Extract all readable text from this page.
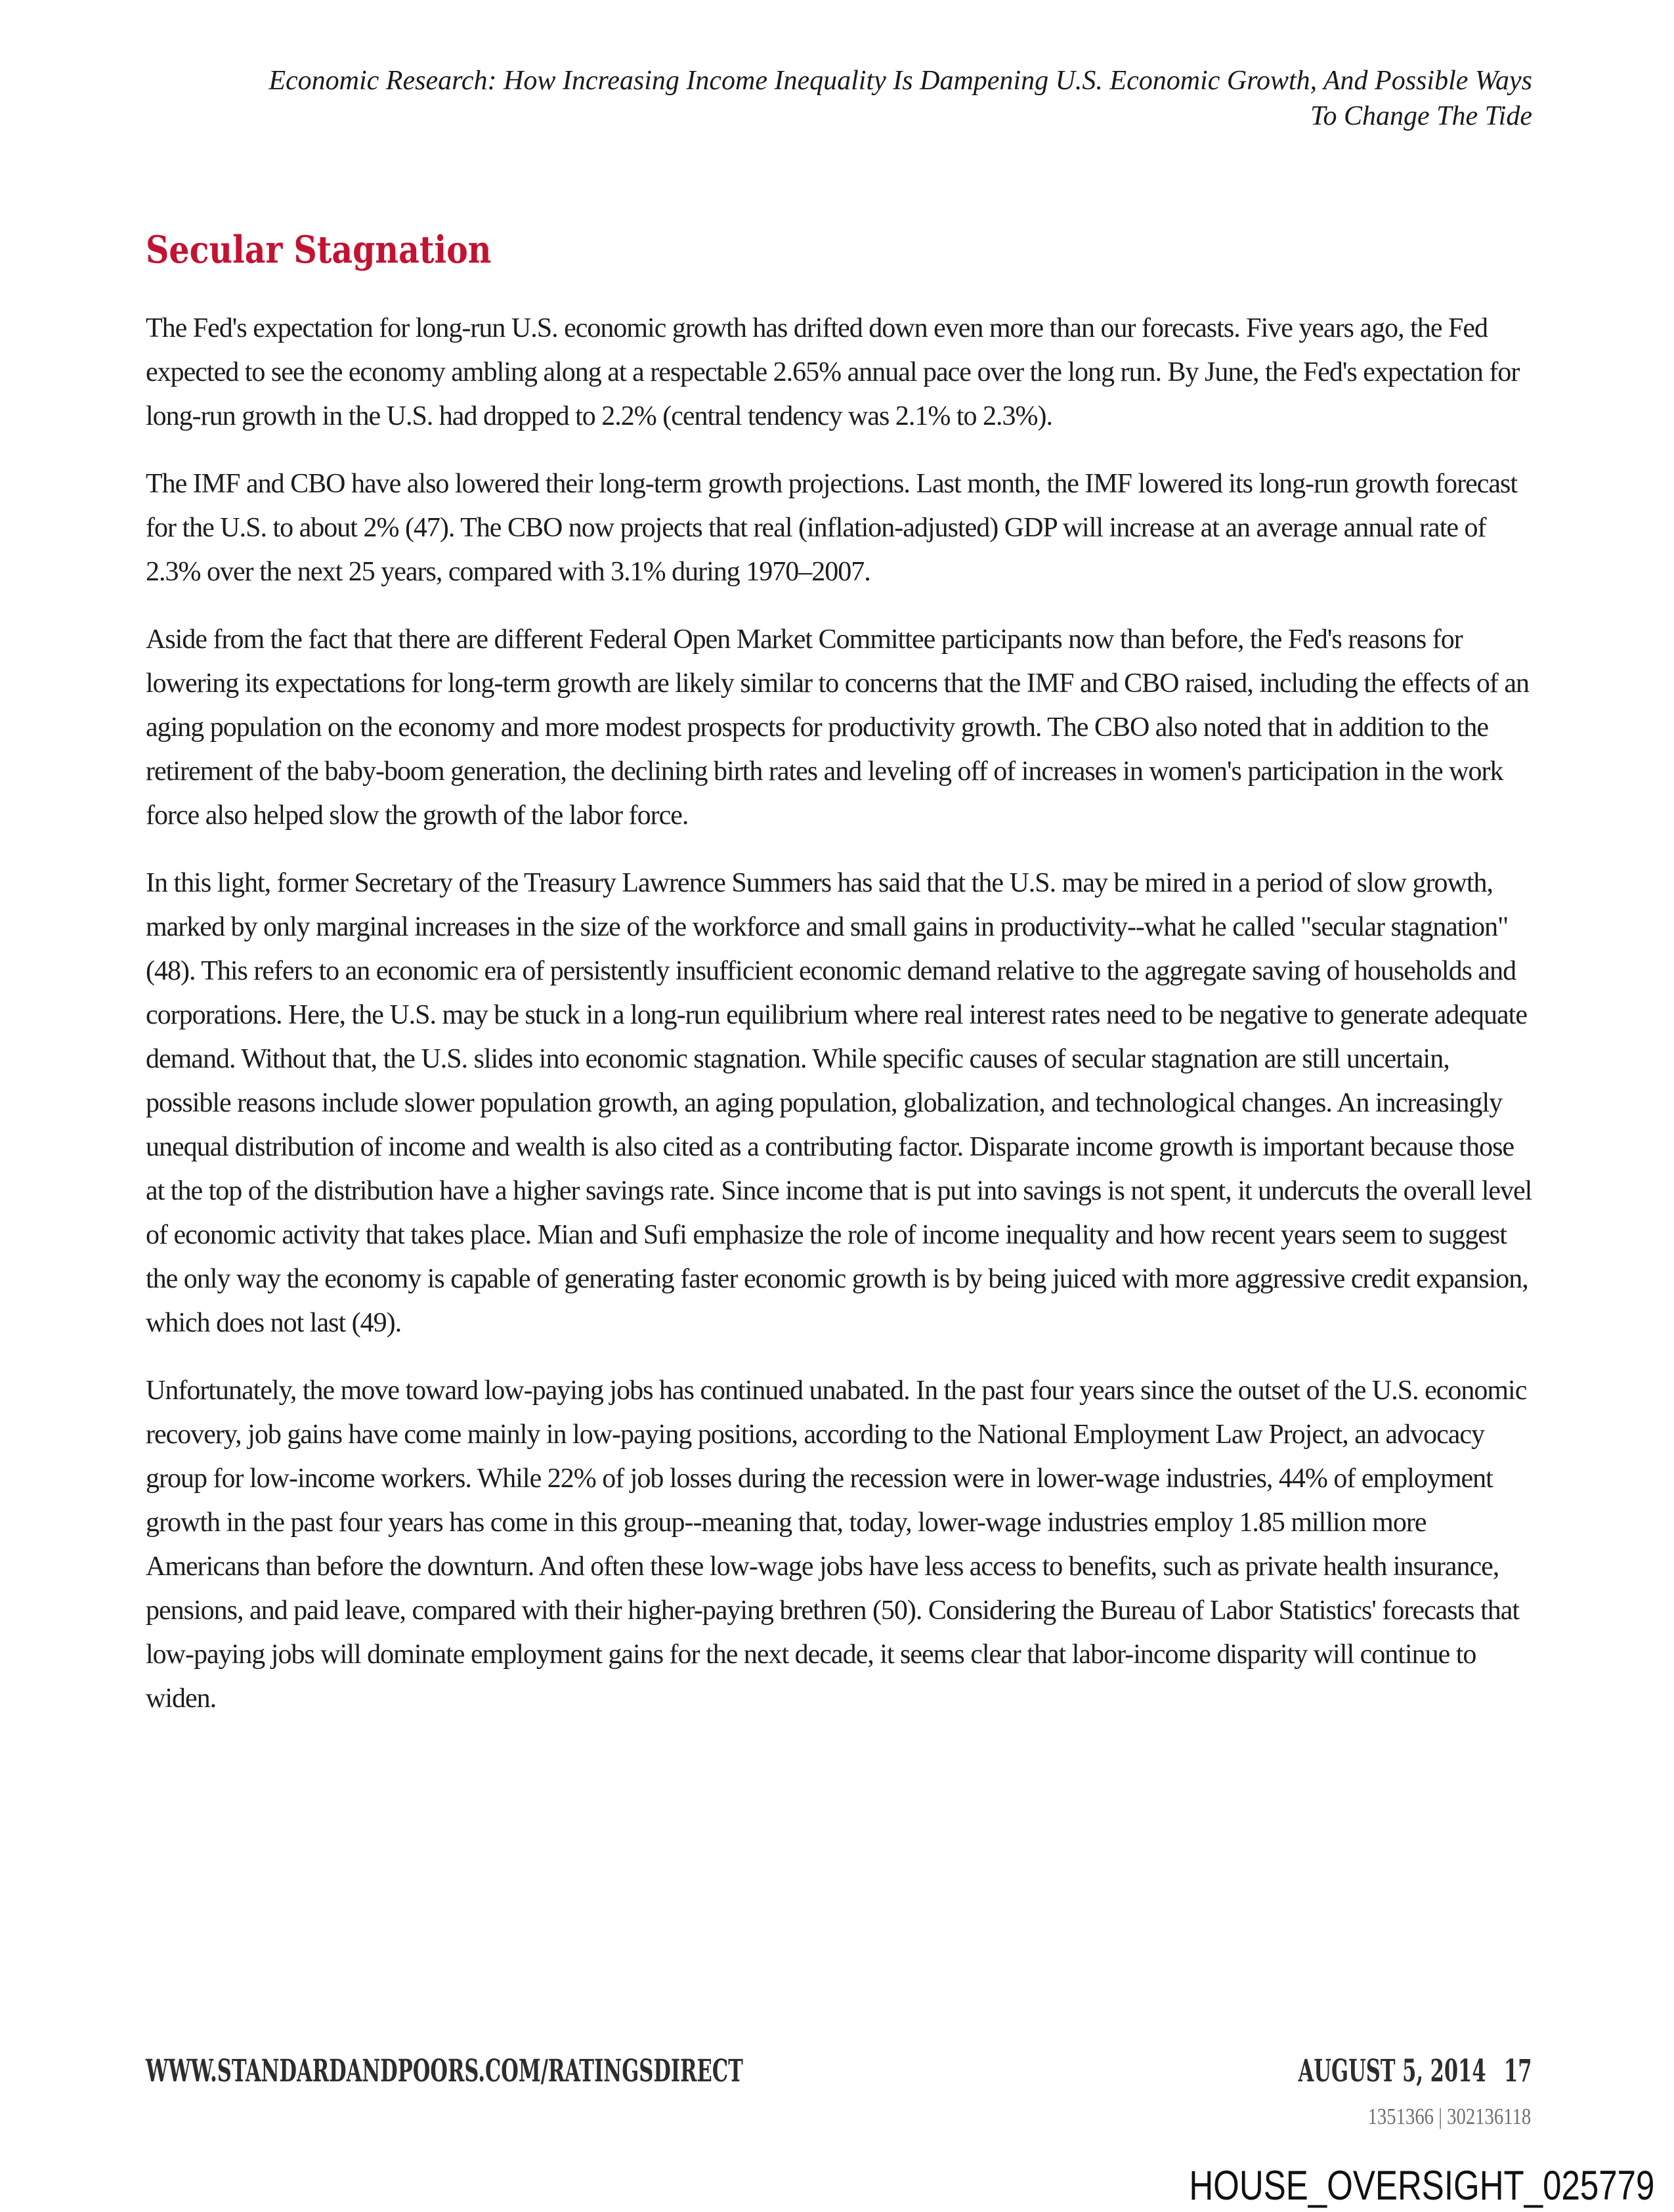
Economic Research: How Increasing Income Inequality Is Dampening U.S. Economic Growth, And Possible Ways
To Change The Tide
Secular Stagnation

The Fed's expectation for long-run U.S. economic growth has drifted down even more than our forecasts. Five years ago, the Fed expected to see the economy ambling along at a respectable 2.65% annual pace over the long run. By June, the Fed's expectation for long-run growth in the U.S. had dropped to 2.2% (central tendency was 2.1% to 2.3%).

The IMF and CBO have also lowered their long-term growth projections. Last month, the IMF lowered its long-run growth forecast for the U.S. to about 2% (47). The CBO now projects that real (inflation-adjusted) GDP will increase at an average annual rate of 2.3% over the next 25 years, compared with 3.1% during 1970–2007.

Aside from the fact that there are different Federal Open Market Committee participants now than before, the Fed's reasons for lowering its expectations for long-term growth are likely similar to concerns that the IMF and CBO raised, including the effects of an aging population on the economy and more modest prospects for productivity growth. The CBO also noted that in addition to the retirement of the baby-boom generation, the declining birth rates and leveling off of increases in women's participation in the work force also helped slow the growth of the labor force.

In this light, former Secretary of the Treasury Lawrence Summers has said that the U.S. may be mired in a period of slow growth, marked by only marginal increases in the size of the workforce and small gains in productivity--what he called "secular stagnation" (48). This refers to an economic era of persistently insufficient economic demand relative to the aggregate saving of households and corporations. Here, the U.S. may be stuck in a long-run equilibrium where real interest rates need to be negative to generate adequate demand. Without that, the U.S. slides into economic stagnation. While specific causes of secular stagnation are still uncertain, possible reasons include slower population growth, an aging population, globalization, and technological changes. An increasingly unequal distribution of income and wealth is also cited as a contributing factor. Disparate income growth is important because those at the top of the distribution have a higher savings rate. Since income that is put into savings is not spent, it undercuts the overall level of economic activity that takes place. Mian and Sufi emphasize the role of income inequality and how recent years seem to suggest the only way the economy is capable of generating faster economic growth is by being juiced with more aggressive credit expansion, which does not last (49).

Unfortunately, the move toward low-paying jobs has continued unabated. In the past four years since the outset of the U.S. economic recovery, job gains have come mainly in low-paying positions, according to the National Employment Law Project, an advocacy group for low-income workers. While 22% of job losses during the recession were in lower-wage industries, 44% of employment growth in the past four years has come in this group--meaning that, today, lower-wage industries employ 1.85 million more Americans than before the downturn. And often these low-wage jobs have less access to benefits, such as private health insurance, pensions, and paid leave, compared with their higher-paying brethren (50). Considering the Bureau of Labor Statistics' forecasts that low-paying jobs will dominate employment gains for the next decade, it seems clear that labor-income disparity will continue to widen.

WWW.STANDARDANDPOORS.COM/RATINGSDIRECT	AUGUST 5, 2014 17
1351366 | 302136118
HOUSE_OVERSIGHT_025779
